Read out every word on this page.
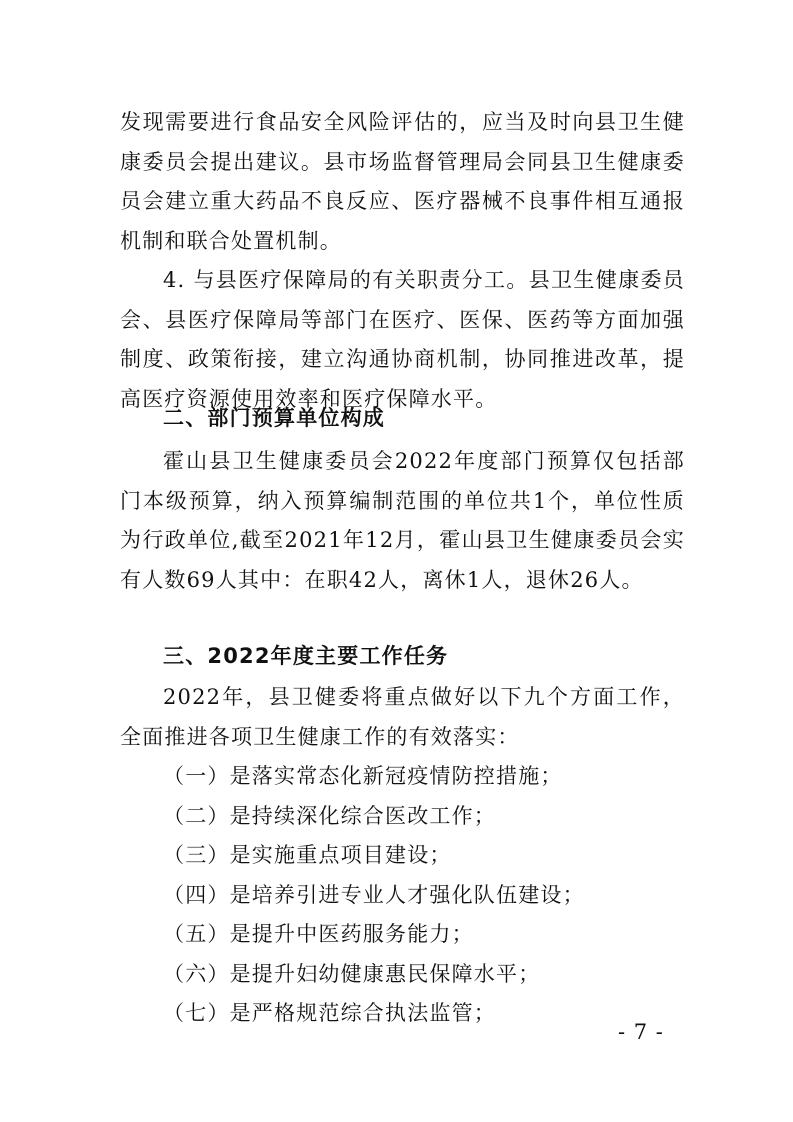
发现需要进行食品安全风险评估的，应当及时向县卫生健康委员会提出建议。县市场监督管理局会同县卫生健康委员会建立重大药品不良反应、医疗器械不良事件相互通报机制和联合处置机制。

4. 与县医疗保障局的有关职责分工。县卫生健康委员会、县医疗保障局等部门在医疗、医保、医药等方面加强制度、政策衔接，建立沟通协商机制，协同推进改革，提高医疗资源使用效率和医疗保障水平。

二、部门预算单位构成

霍山县卫生健康委员会2022年度部门预算仅包括部门本级预算，纳入预算编制范围的单位共1个，单位性质为行政单位,截至2021年12月，霍山县卫生健康委员会实有人数69人其中：在职42人，离休1人，退休26人。

三、2022年度主要工作任务

2022年，县卫健委将重点做好以下九个方面工作，全面推进各项卫生健康工作的有效落实：

（一）是落实常态化新冠疫情防控措施；

（二）是持续深化综合医改工作；

（三）是实施重点项目建设；

（四）是培养引进专业人才强化队伍建设；

（五）是提升中医药服务能力；

（六）是提升妇幼健康惠民保障水平；

（七）是严格规范综合执法监管；

- 7 -
